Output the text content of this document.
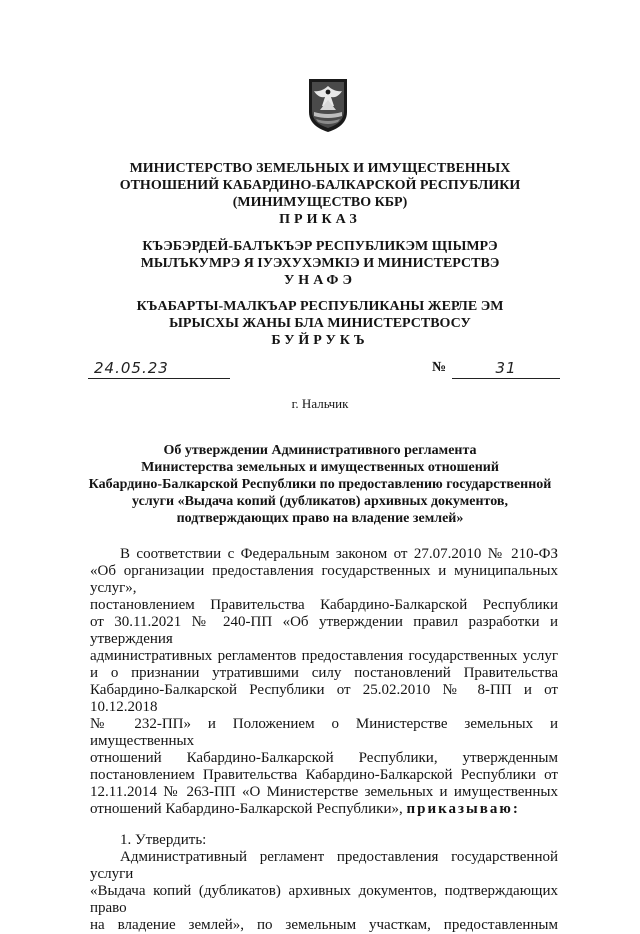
МИНИСТЕРСТВО ЗЕМЕЛЬНЫХ И ИМУЩЕСТВЕННЫХ
ОТНОШЕНИЙ КАБАРДИНО-БАЛКАРСКОЙ РЕСПУБЛИКИ
(МИНИМУЩЕСТВО КБР)
ПРИКАЗ
КЪЭБЭРДЕЙ-БАЛЪКЪЭР РЕСПУБЛИКЭМ ЩIЫМРЭ
МЫЛЪКУМРЭ Я IУЭХУХЭМКIЭ И МИНИСТЕРСТВЭ
УНАФЭ
КЪАБАРТЫ-МАЛКЪАР РЕСПУБЛИКАНЫ ЖЕРЛЕ ЭМ
ЫРЫСХЫ ЖАНЫ БЛА МИНИСТЕРСТВОСУ
БУЙРУКЪ
24.05.23	№	31
г. Нальчик
Об утверждении Административного регламента
Министерства земельных и имущественных отношений
Кабардино-Балкарской Республики по предоставлению государственной
услуги «Выдача копий (дубликатов) архивных документов,
подтверждающих право на владение землей»

В соответствии с Федеральным законом от 27.07.2010 № 210-ФЗ

«Об организации предоставления государственных и муниципальных услуг»,

постановлением Правительства Кабардино-Балкарской Республики

от 30.11.2021 № 240-ПП «Об утверждении правил разработки и утверждения

административных регламентов предоставления государственных услуг

и о признании утратившими силу постановлений Правительства

Кабардино-Балкарской Республики от 25.02.2010 № 8-ПП и от 10.12.2018

№ 232-ПП» и Положением о Министерстве земельных и имущественных

отношений Кабардино-Балкарской Республики, утвержденным

постановлением Правительства Кабардино-Балкарской Республики от

12.11.2014 № 263-ПП «О Министерстве земельных и имущественных

отношений Кабардино-Балкарской Республики», приказываю:

1. Утвердить:

Административный регламент предоставления государственной услуги

«Выдача копий (дубликатов) архивных документов, подтверждающих право

на владение землей», по земельным участкам, предоставленным
